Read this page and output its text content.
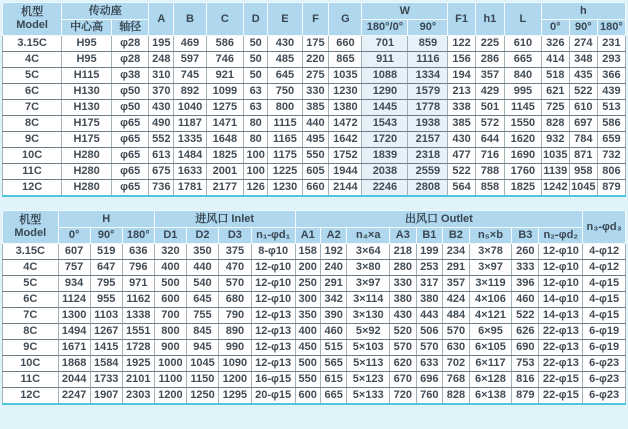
机型
Model	传动座		A	B	C	D	E	F	G	W		F1	h1	L	h		
	中心高	轴径								180°/0°	90°				0°	90°	180°
3.15C	H95	φ28	195	469	586	50	430	175	660	701	859	122	225	610	326	274	231
4C	H95	φ28	248	597	746	50	485	220	865	911	1116	156	286	665	414	348	293
5C	H115	φ38	310	745	921	50	645	275	1035	1088	1334	194	357	840	518	435	366
6C	H130	φ50	370	892	1099	63	750	330	1230	1290	1579	213	429	995	621	522	439
7C	H130	φ50	430	1040	1275	63	800	385	1380	1445	1778	338	501	1145	725	610	513
8C	H175	φ65	490	1187	1471	80	1115	440	1472	1543	1938	385	572	1550	828	697	586
9C	H175	φ65	552	1335	1648	80	1165	495	1642	1720	2157	430	644	1620	932	784	659
10C	H280	φ65	613	1484	1825	100	1175	550	1752	1839	2318	477	716	1690	1035	871	732
11C	H280	φ65	675	1633	2001	100	1225	605	1944	2038	2559	522	788	1760	1139	958	806
12C	H280	φ65	736	1781	2177	126	1230	660	2144	2246	2808	564	858	1825	1242	1045	879
机型
Model	H			进风口 Inlet				出风口 Outlet									n₃-φd₃
	0°	90°	180°	D1	D2	D3	n₁-φd₁	A1	A2	n₄×a	A3	B1	B2	n₅×b	B3	n₂-φd₂	
3.15C	607	519	636	320	350	375	8-φ10	158	192	3×64	218	199	234	3×78	260	12-φ10	4-φ12
4C	757	647	796	400	440	470	12-φ10	200	240	3×80	280	253	291	3×97	333	12-φ10	4-φ12
5C	934	795	971	500	540	570	12-φ10	250	291	3×97	330	317	357	3×119	396	12-φ10	4-φ15
6C	1124	955	1162	600	645	680	12-φ10	300	342	3×114	380	380	424	4×106	460	14-φ10	4-φ15
7C	1300	1103	1338	700	755	790	12-φ13	350	390	3×130	430	443	484	4×121	522	14-φ13	4-φ15
8C	1494	1267	1551	800	845	890	12-φ13	400	460	5×92	520	506	570	6×95	626	22-φ13	6-φ19
9C	1671	1415	1728	900	945	990	12-φ13	450	515	5×103	570	570	630	6×105	690	22-φ13	6-φ19
10C	1868	1584	1925	1000	1045	1090	12-φ13	500	565	5×113	620	633	702	6×117	753	22-φ13	6-φ23
11C	2044	1733	2101	1100	1150	1200	16-φ15	550	615	5×123	670	696	768	6×128	816	22-φ15	6-φ23
12C	2247	1907	2303	1200	1250	1295	20-φ15	600	665	5×133	720	760	828	6×138	879	22-φ15	6-φ23
